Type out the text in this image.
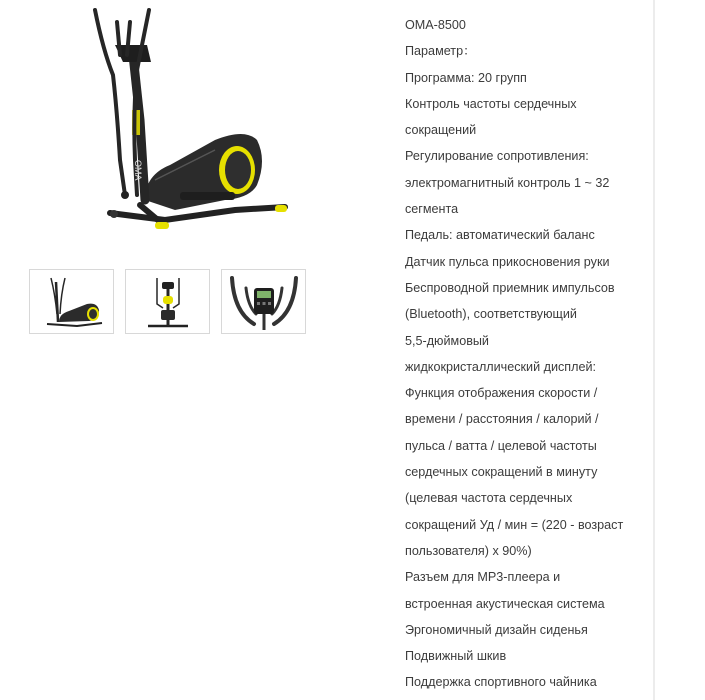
OMA
OMA-8500
Параметр：
Программа: 20 групп
Контроль частоты сердечных
сокращений
Регулирование сопротивления:
электромагнитный контроль 1 ~ 32
сегмента
Педаль: автоматический баланс
Датчик пульса прикосновения руки
Беспроводной приемник импульсов
(Bluetooth), соответствующий
5,5-дюймовый
жидкокристаллический дисплей:
Функция отображения скорости /
времени / расстояния / калорий /
пульса / ватта / целевой частоты
сердечных сокращений в минуту
(целевая частота сердечных
сокращений Уд / мин = (220 - возраст
пользователя) х 90%)
Разъем для MP3-плеера и
встроенная акустическая система
Эргономичный дизайн сиденья
Подвижный шкив
Поддержка спортивного чайника
